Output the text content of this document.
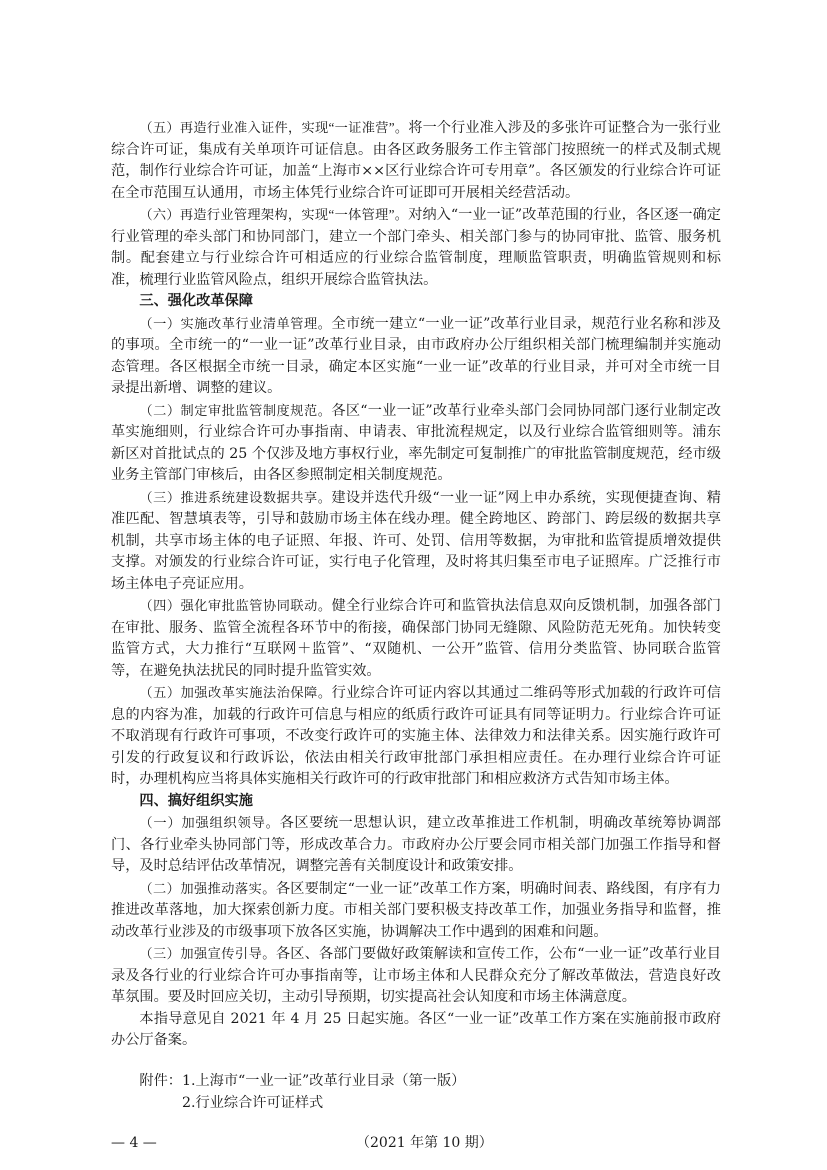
（五）再造行业准入证件，实现“一证准营”。将一个行业准入涉及的多张许可证整合为一张行业综合许可证，集成有关单项许可证信息。由各区政务服务工作主管部门按照统一的样式及制式规范，制作行业综合许可证，加盖“上海市××区行业综合许可专用章”。各区颁发的行业综合许可证在全市范围互认通用，市场主体凭行业综合许可证即可开展相关经营活动。

（六）再造行业管理架构，实现“一体管理”。对纳入“一业一证”改革范围的行业，各区逐一确定行业管理的牵头部门和协同部门，建立一个部门牵头、相关部门参与的协同审批、监管、服务机制。配套建立与行业综合许可相适应的行业综合监管制度，理顺监管职责，明确监管规则和标准，梳理行业监管风险点，组织开展综合监管执法。

三、强化改革保障

（一）实施改革行业清单管理。全市统一建立“一业一证”改革行业目录，规范行业名称和涉及的事项。全市统一的“一业一证”改革行业目录，由市政府办公厅组织相关部门梳理编制并实施动态管理。各区根据全市统一目录，确定本区实施“一业一证”改革的行业目录，并可对全市统一目录提出新增、调整的建议。

（二）制定审批监管制度规范。各区“一业一证”改革行业牵头部门会同协同部门逐行业制定改革实施细则，行业综合许可办事指南、申请表、审批流程规定，以及行业综合监管细则等。浦东新区对首批试点的 25 个仅涉及地方事权行业，率先制定可复制推广的审批监管制度规范，经市级业务主管部门审核后，由各区参照制定相关制度规范。

（三）推进系统建设数据共享。建设并迭代升级“一业一证”网上申办系统，实现便捷查询、精准匹配、智慧填表等，引导和鼓励市场主体在线办理。健全跨地区、跨部门、跨层级的数据共享机制，共享市场主体的电子证照、年报、许可、处罚、信用等数据，为审批和监管提质增效提供支撑。对颁发的行业综合许可证，实行电子化管理，及时将其归集至市电子证照库。广泛推行市场主体电子亮证应用。

（四）强化审批监管协同联动。健全行业综合许可和监管执法信息双向反馈机制，加强各部门在审批、服务、监管全流程各环节中的衔接，确保部门协同无缝隙、风险防范无死角。加快转变监管方式，大力推行“互联网＋监管”、“双随机、一公开”监管、信用分类监管、协同联合监管等，在避免执法扰民的同时提升监管实效。

（五）加强改革实施法治保障。行业综合许可证内容以其通过二维码等形式加载的行政许可信息的内容为准，加载的行政许可信息与相应的纸质行政许可证具有同等证明力。行业综合许可证不取消现有行政许可事项，不改变行政许可的实施主体、法律效力和法律关系。因实施行政许可引发的行政复议和行政诉讼，依法由相关行政审批部门承担相应责任。在办理行业综合许可证时，办理机构应当将具体实施相关行政许可的行政审批部门和相应救济方式告知市场主体。

四、搞好组织实施

（一）加强组织领导。各区要统一思想认识，建立改革推进工作机制，明确改革统筹协调部门、各行业牵头协同部门等，形成改革合力。市政府办公厅要会同市相关部门加强工作指导和督导，及时总结评估改革情况，调整完善有关制度设计和政策安排。

（二）加强推动落实。各区要制定“一业一证”改革工作方案，明确时间表、路线图，有序有力推进改革落地，加大探索创新力度。市相关部门要积极支持改革工作，加强业务指导和监督，推动改革行业涉及的市级事项下放各区实施，协调解决工作中遇到的困难和问题。

（三）加强宣传引导。各区、各部门要做好政策解读和宣传工作，公布“一业一证”改革行业目录及各行业的行业综合许可办事指南等，让市场主体和人民群众充分了解改革做法，营造良好改革氛围。要及时回应关切，主动引导预期，切实提高社会认知度和市场主体满意度。

本指导意见自 2021 年 4 月 25 日起实施。各区“一业一证”改革工作方案在实施前报市政府办公厅备案。

附件：1.上海市“一业一证”改革行业目录（第一版）
2.行业综合许可证样式
— 4 —	（2021 年第 10 期）
